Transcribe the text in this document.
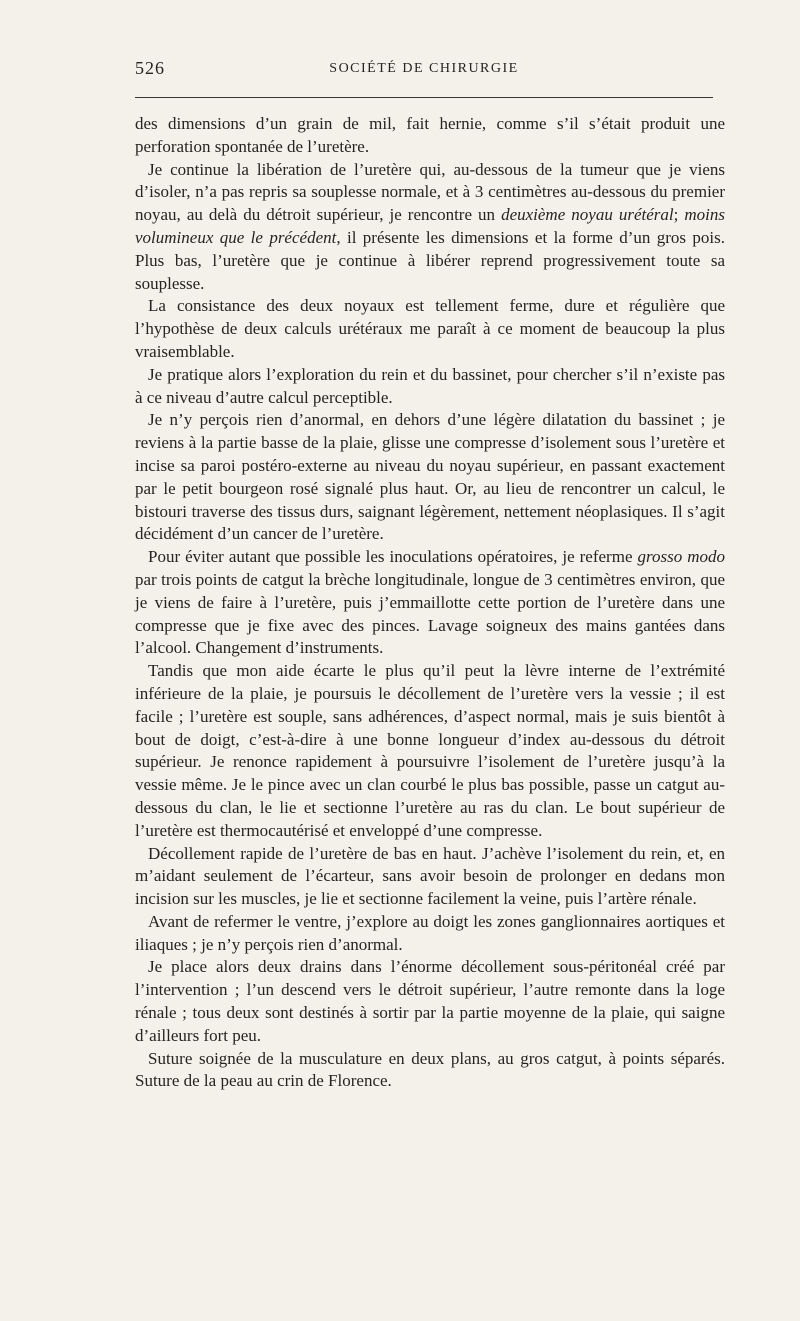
526	SOCIÉTÉ DE CHIRURGIE

des dimensions d’un grain de mil, fait hernie, comme s’il s’était produit une perforation spontanée de l’uretère.

Je continue la libération de l’uretère qui, au-dessous de la tumeur que je viens d’isoler, n’a pas repris sa souplesse normale, et à 3 centimètres au-dessous du premier noyau, au delà du détroit supérieur, je rencontre un deuxième noyau urétéral; moins volumineux que le précédent, il présente les dimensions et la forme d’un gros pois. Plus bas, l’uretère que je continue à libérer reprend progressivement toute sa souplesse.

La consistance des deux noyaux est tellement ferme, dure et régulière que l’hypothèse de deux calculs urétéraux me paraît à ce moment de beaucoup la plus vraisemblable.

Je pratique alors l’exploration du rein et du bassinet, pour chercher s’il n’existe pas à ce niveau d’autre calcul perceptible.

Je n’y perçois rien d’anormal, en dehors d’une légère dilatation du bassinet ; je reviens à la partie basse de la plaie, glisse une compresse d’isolement sous l’uretère et incise sa paroi postéro-externe au niveau du noyau supérieur, en passant exactement par le petit bourgeon rosé signalé plus haut. Or, au lieu de rencontrer un calcul, le bistouri traverse des tissus durs, saignant légèrement, nettement néoplasiques. Il s’agit décidément d’un cancer de l’uretère.

Pour éviter autant que possible les inoculations opératoires, je referme grosso modo par trois points de catgut la brèche longitudinale, longue de 3 centimètres environ, que je viens de faire à l’uretère, puis j’emmaillotte cette portion de l’uretère dans une compresse que je fixe avec des pinces. Lavage soigneux des mains gantées dans l’alcool. Changement d’instruments.

Tandis que mon aide écarte le plus qu’il peut la lèvre interne de l’extrémité inférieure de la plaie, je poursuis le décollement de l’uretère vers la vessie ; il est facile ; l’uretère est souple, sans adhérences, d’aspect normal, mais je suis bientôt à bout de doigt, c’est-à-dire à une bonne longueur d’index au-dessous du détroit supérieur. Je renonce rapidement à poursuivre l’isolement de l’uretère jusqu’à la vessie même. Je le pince avec un clan courbé le plus bas possible, passe un catgut au-dessous du clan, le lie et sectionne l’uretère au ras du clan. Le bout supérieur de l’uretère est thermocautérisé et enveloppé d’une compresse.

Décollement rapide de l’uretère de bas en haut. J’achève l’isolement du rein, et, en m’aidant seulement de l’écarteur, sans avoir besoin de prolonger en dedans mon incision sur les muscles, je lie et sectionne facilement la veine, puis l’artère rénale.

Avant de refermer le ventre, j’explore au doigt les zones ganglionnaires aortiques et iliaques ; je n’y perçois rien d’anormal.

Je place alors deux drains dans l’énorme décollement sous-péritonéal créé par l’intervention ; l’un descend vers le détroit supérieur, l’autre remonte dans la loge rénale ; tous deux sont destinés à sortir par la partie moyenne de la plaie, qui saigne d’ailleurs fort peu.

Suture soignée de la musculature en deux plans, au gros catgut, à points séparés. Suture de la peau au crin de Florence.
